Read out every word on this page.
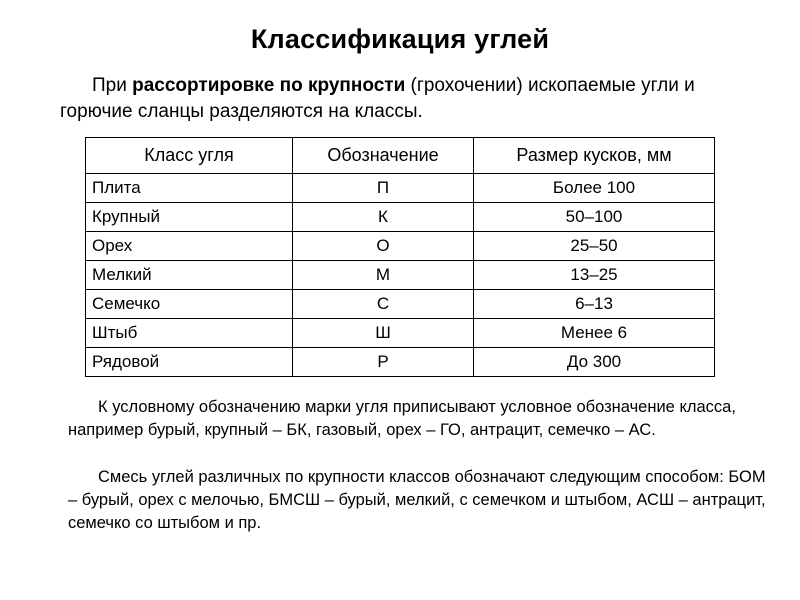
Классификация углей
При рассортировке по крупности (грохочении) ископаемые угли и горючие сланцы разделяются на классы.
Класс угля	Обозначение	Размер кусков, мм
Плита	П	Более 100
Крупный	К	50–100
Орех	О	25–50
Мелкий	М	13–25
Семечко	С	6–13
Штыб	Ш	Менее 6
Рядовой	Р	До 300
К условному обозначению марки угля приписывают условное обозначение класса, например бурый, крупный – БК, газовый, орех – ГО, антрацит, семечко – АС.
Смесь углей различных по крупности классов обозначают следующим способом: БОМ – бурый, орех с мелочью, БМСШ – бурый, мелкий, с семечком и штыбом, АСШ – антрацит, семечко со штыбом и пр.
